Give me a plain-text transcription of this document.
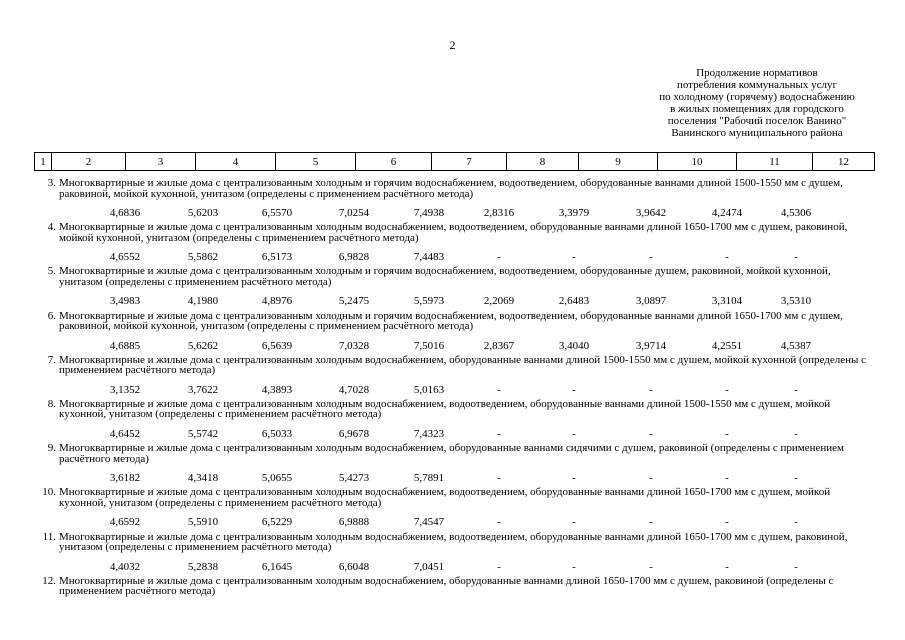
2
Продолжение нормативов
потребления коммунальных услуг
по холодному (горячему) водоснабжению
в жилых помещениях для городского
поселения "Рабочий поселок Ванино"
Ванинского муниципального района
1	2	3	4	5	6	7	8	9	10	11	12
3. Многоквартирные и жилые дома с централизованным холодным и горячим водоснабжением, водоотведением, оборудованные ваннами длиной 1500-1550 мм с душем, раковиной, мойкой кухонной, унитазом (определены с применением расчётного метода)
4,6836	5,6203	6,5570	7,0254	7,4938	2,8316	3,3979	3,9642	4,2474	4,5306
4. Многоквартирные и жилые дома с централизованным холодным водоснабжением, водоотведением, оборудованные ваннами длиной 1650-1700 мм с душем, раковиной, мойкой кухонной, унитазом (определены с применением расчётного метода)
4,6552	5,5862	6,5173	6,9828	7,4483	-	-	-	-	-
5. Многоквартирные и жилые дома с централизованным холодным и горячим водоснабжением, водоотведением, оборудованные душем, раковиной, мойкой кухонной, унитазом (определены с применением расчётного метода)
3,4983	4,1980	4,8976	5,2475	5,5973	2,2069	2,6483	3,0897	3,3104	3,5310
6. Многоквартирные и жилые дома с централизованным холодным и горячим водоснабжением, водоотведением, оборудованные ваннами длиной 1650-1700 мм с душем, раковиной, мойкой кухонной, унитазом (определены с применением расчётного метода)
4,6885	5,6262	6,5639	7,0328	7,5016	2,8367	3,4040	3,9714	4,2551	4,5387
7. Многоквартирные и жилые дома с централизованным холодным водоснабжением, оборудованные ваннами длиной 1500-1550 мм с душем, мойкой кухонной (определены с применением расчётного метода)
3,1352	3,7622	4,3893	4,7028	5,0163	-	-	-	-	-
8. Многоквартирные и жилые дома с централизованным холодным водоснабжением, водоотведением, оборудованные ваннами длиной 1500-1550 мм с душем, мойкой кухонной, унитазом (определены с применением расчётного метода)
4,6452	5,5742	6,5033	6,9678	7,4323	-	-	-	-	-
9. Многоквартирные и жилые дома с централизованным холодным водоснабжением, оборудованные ваннами сидячими с душем, раковиной (определены с применением расчётного метода)
3,6182	4,3418	5,0655	5,4273	5,7891	-	-	-	-	-
10. Многоквартирные и жилые дома с централизованным холодным водоснабжением, водоотведением, оборудованные ваннами длиной 1650-1700 мм с душем, мойкой кухонной, унитазом (определены с применением расчётного метода)
4,6592	5,5910	6,5229	6,9888	7,4547	-	-	-	-	-
11. Многоквартирные и жилые дома с централизованным холодным водоснабжением, водоотведением, оборудованные ваннами длиной 1650-1700 мм с душем, раковиной, унитазом (определены с применением расчётного метода)
4,4032	5,2838	6,1645	6,6048	7,0451	-	-	-	-	-
12. Многоквартирные и жилые дома с централизованным холодным водоснабжением, оборудованные ваннами длиной 1650-1700 мм с душем, раковиной (определены с применением расчётного метода)
